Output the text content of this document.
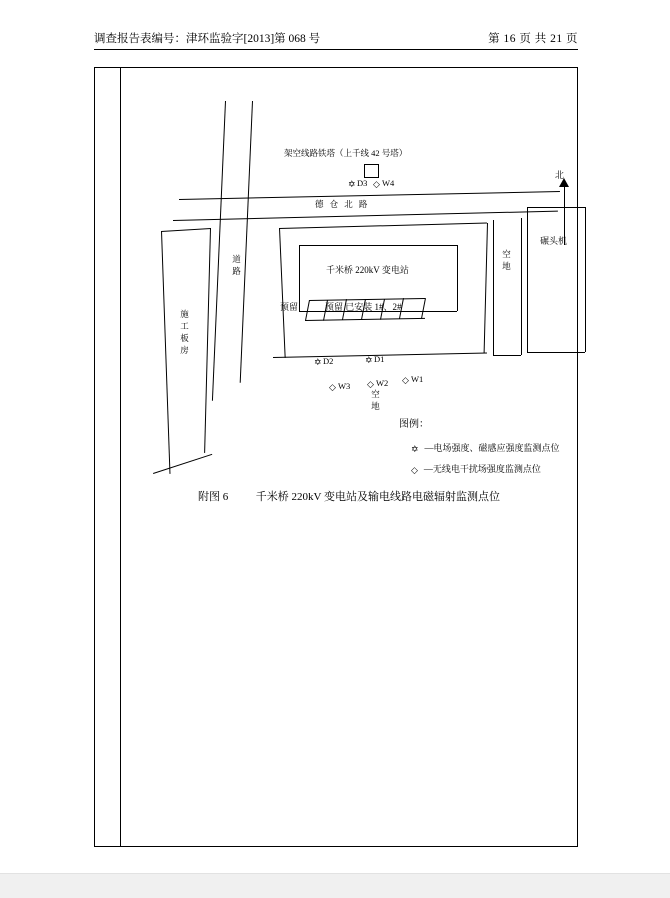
调查报告表编号：津环监验字[2013]第 068 号	第 16 页 共 21 页
北
架空线路铁塔（上千线 42 号塔）
✡ D3 ◇ W4
德 仓 北 路
道
路
施
工
板
房
千米桥 220kV 变电站
预留	预留 已安装 1#、2#
空
地
碾头机
✡ D2	✡ D1
◇ W3 ◇ W2 ◇ W1
空
地
图例：
✡ —电场强度、磁感应强度监测点位
◇ —无线电干扰场强度监测点位
附图 6	千米桥 220kV 变电站及输电线路电磁辐射监测点位
